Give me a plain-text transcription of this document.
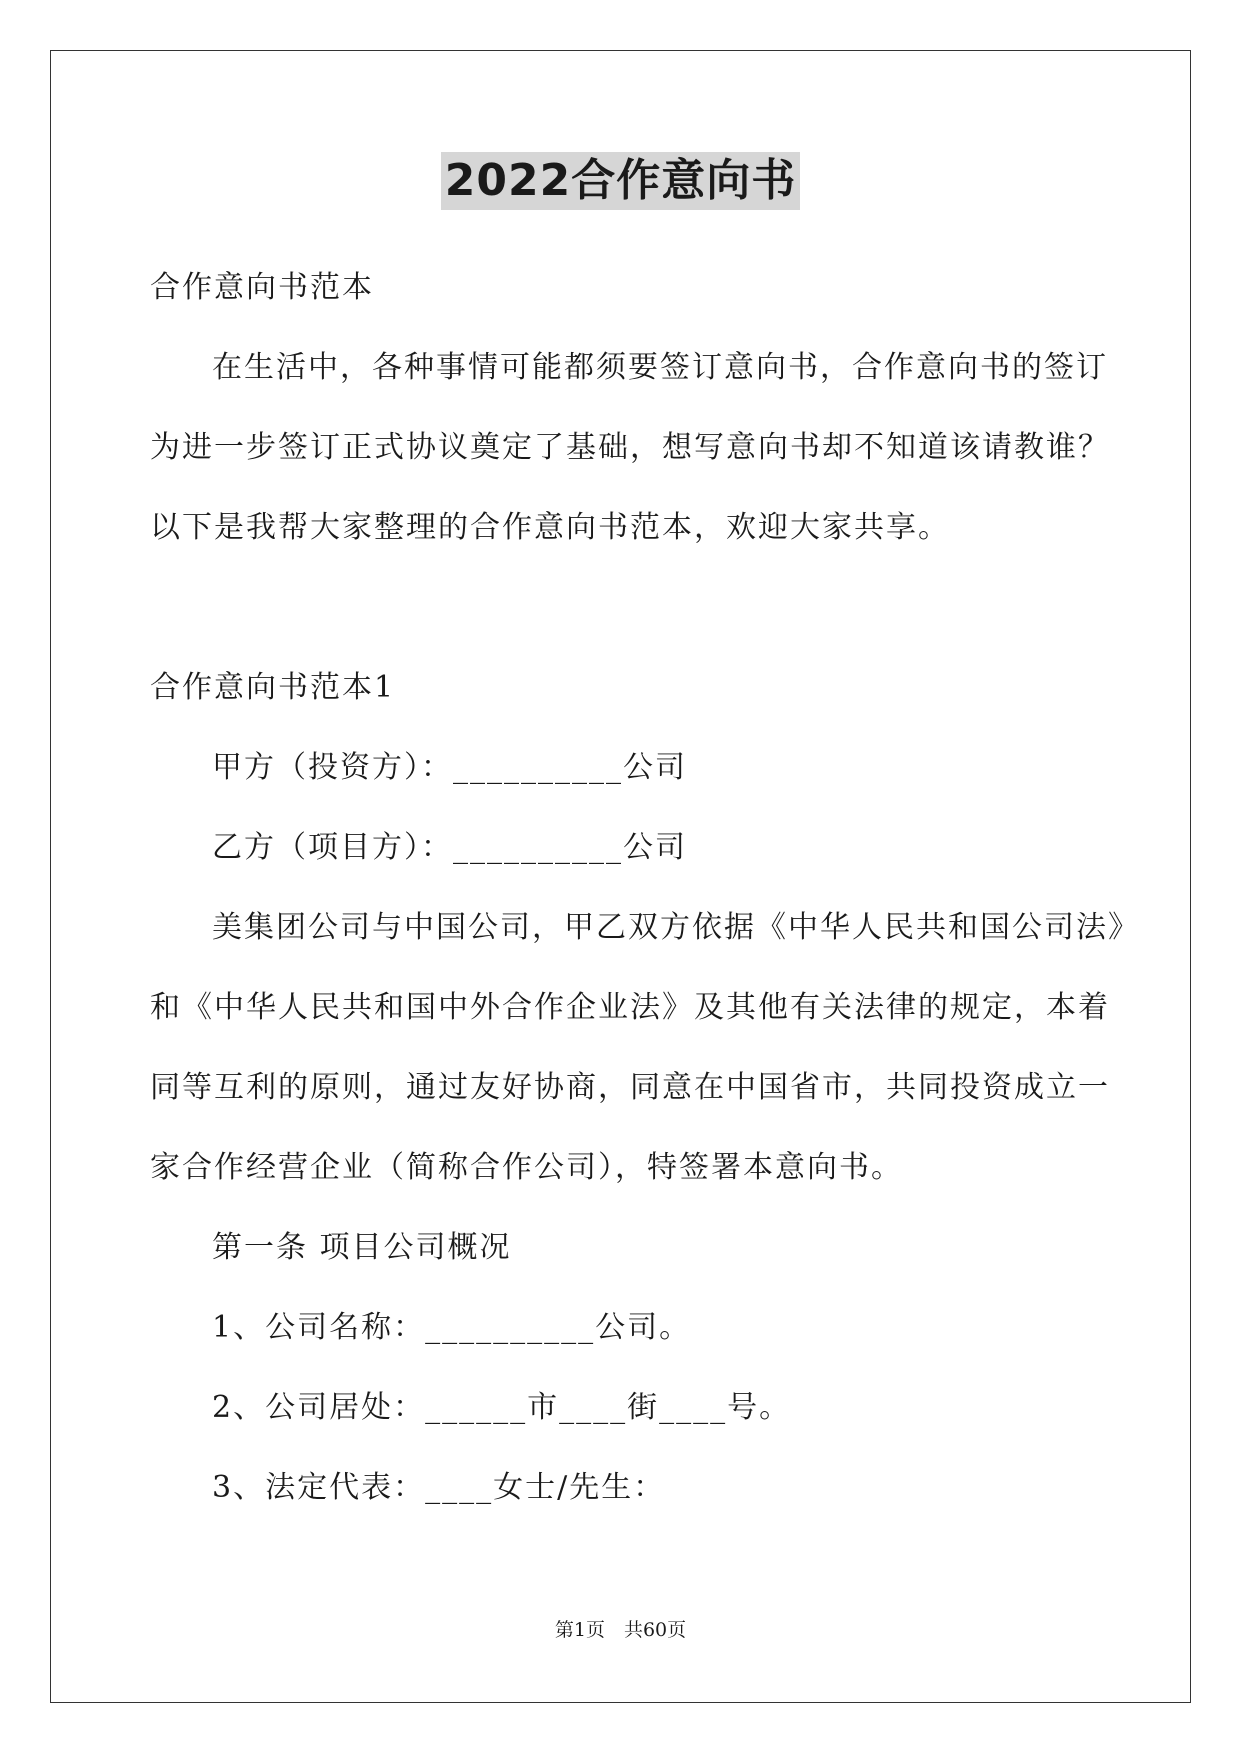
2022合作意向书
合作意向书范本
在生活中，各种事情可能都须要签订意向书，合作意向书的签订
为进一步签订正式协议奠定了基础，想写意向书却不知道该请教谁？
以下是我帮大家整理的合作意向书范本，欢迎大家共享。
合作意向书范本1
甲方（投资方）：__________公司
乙方（项目方）：__________公司
美集团公司与中国公司，甲乙双方依据《中华人民共和国公司法》
和《中华人民共和国中外合作企业法》及其他有关法律的规定，本着
同等互利的原则，通过友好协商，同意在中国省市，共同投资成立一
家合作经营企业（简称合作公司），特签署本意向书。
第一条 项目公司概况
1、公司名称：__________公司。
2、公司居处：______市____街____号。
3、法定代表：____女士/先生：
第1页　共60页
